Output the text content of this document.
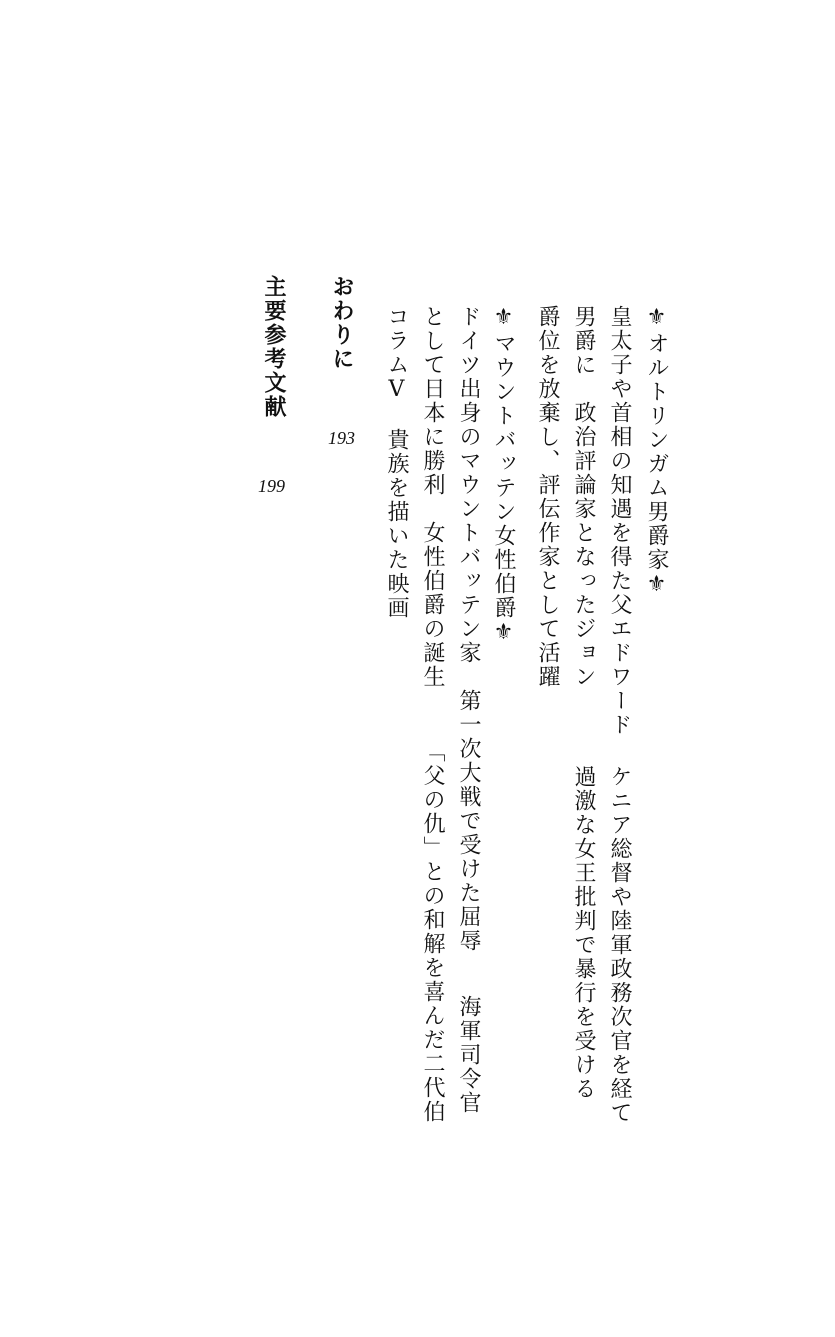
⚜オルトリンガム男爵家⚜
皇太子や首相の知遇を得た父エドワード
ケニア総督や陸軍政務次官を経て
男爵に　政治評論家となったジョン
過激な女王批判で暴行を受ける
爵位を放棄し、評伝作家として活躍
⚜マウントバッテン女性伯爵⚜
ドイツ出身のマウントバッテン家　第一次大戦で受けた屈辱
海軍司令官
として日本に勝利　女性伯爵の誕生
「父の仇」との和解を喜んだ二代伯
コラムⅤ　貴族を描いた映画
おわりに
193
主要参考文献
199
